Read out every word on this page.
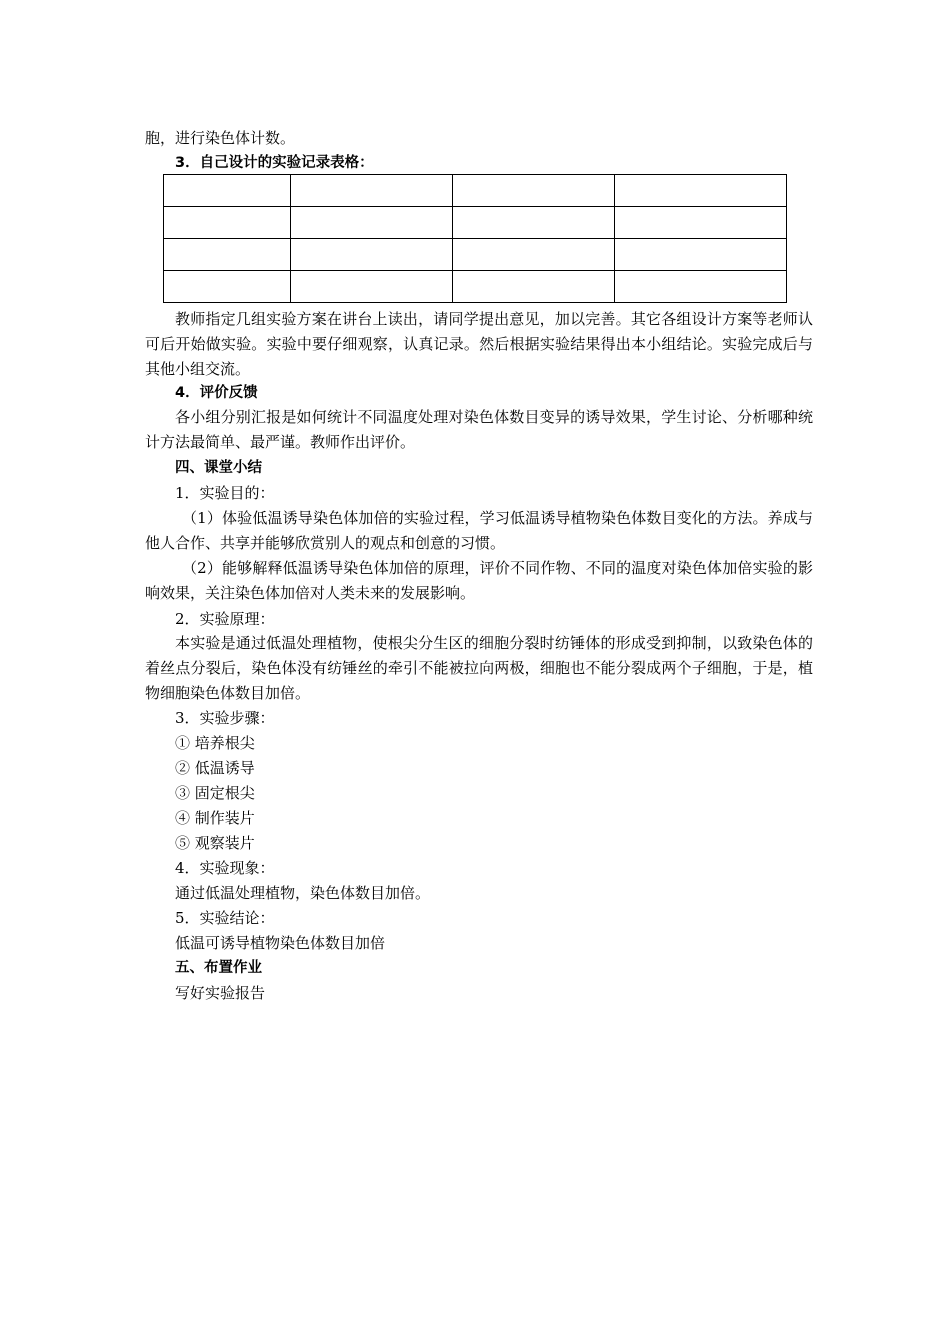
胞，进行染色体计数。
3．自己设计的实验记录表格：

教师指定几组实验方案在讲台上读出，请同学提出意见，加以完善。其它各组设计方案等老师认可后开始做实验。实验中要仔细观察，认真记录。然后根据实验结果得出本小组结论。实验完成后与其他小组交流。
4．评价反馈
各小组分别汇报是如何统计不同温度处理对染色体数目变异的诱导效果，学生讨论、分析哪种统计方法最简单、最严谨。教师作出评价。
四、课堂小结
1．实验目的：
（1）体验低温诱导染色体加倍的实验过程，学习低温诱导植物染色体数目变化的方法。养成与他人合作、共享并能够欣赏别人的观点和创意的习惯。
（2）能够解释低温诱导染色体加倍的原理，评价不同作物、不同的温度对染色体加倍实验的影响效果，关注染色体加倍对人类未来的发展影响。
2．实验原理：
本实验是通过低温处理植物，使根尖分生区的细胞分裂时纺锤体的形成受到抑制，以致染色体的着丝点分裂后，染色体没有纺锤丝的牵引不能被拉向两极，细胞也不能分裂成两个子细胞，于是，植物细胞染色体数目加倍。
3．实验步骤：
① 培养根尖
② 低温诱导
③ 固定根尖
④ 制作装片
⑤ 观察装片
4．实验现象：
通过低温处理植物，染色体数目加倍。
5．实验结论：
低温可诱导植物染色体数目加倍
五、布置作业
写好实验报告
